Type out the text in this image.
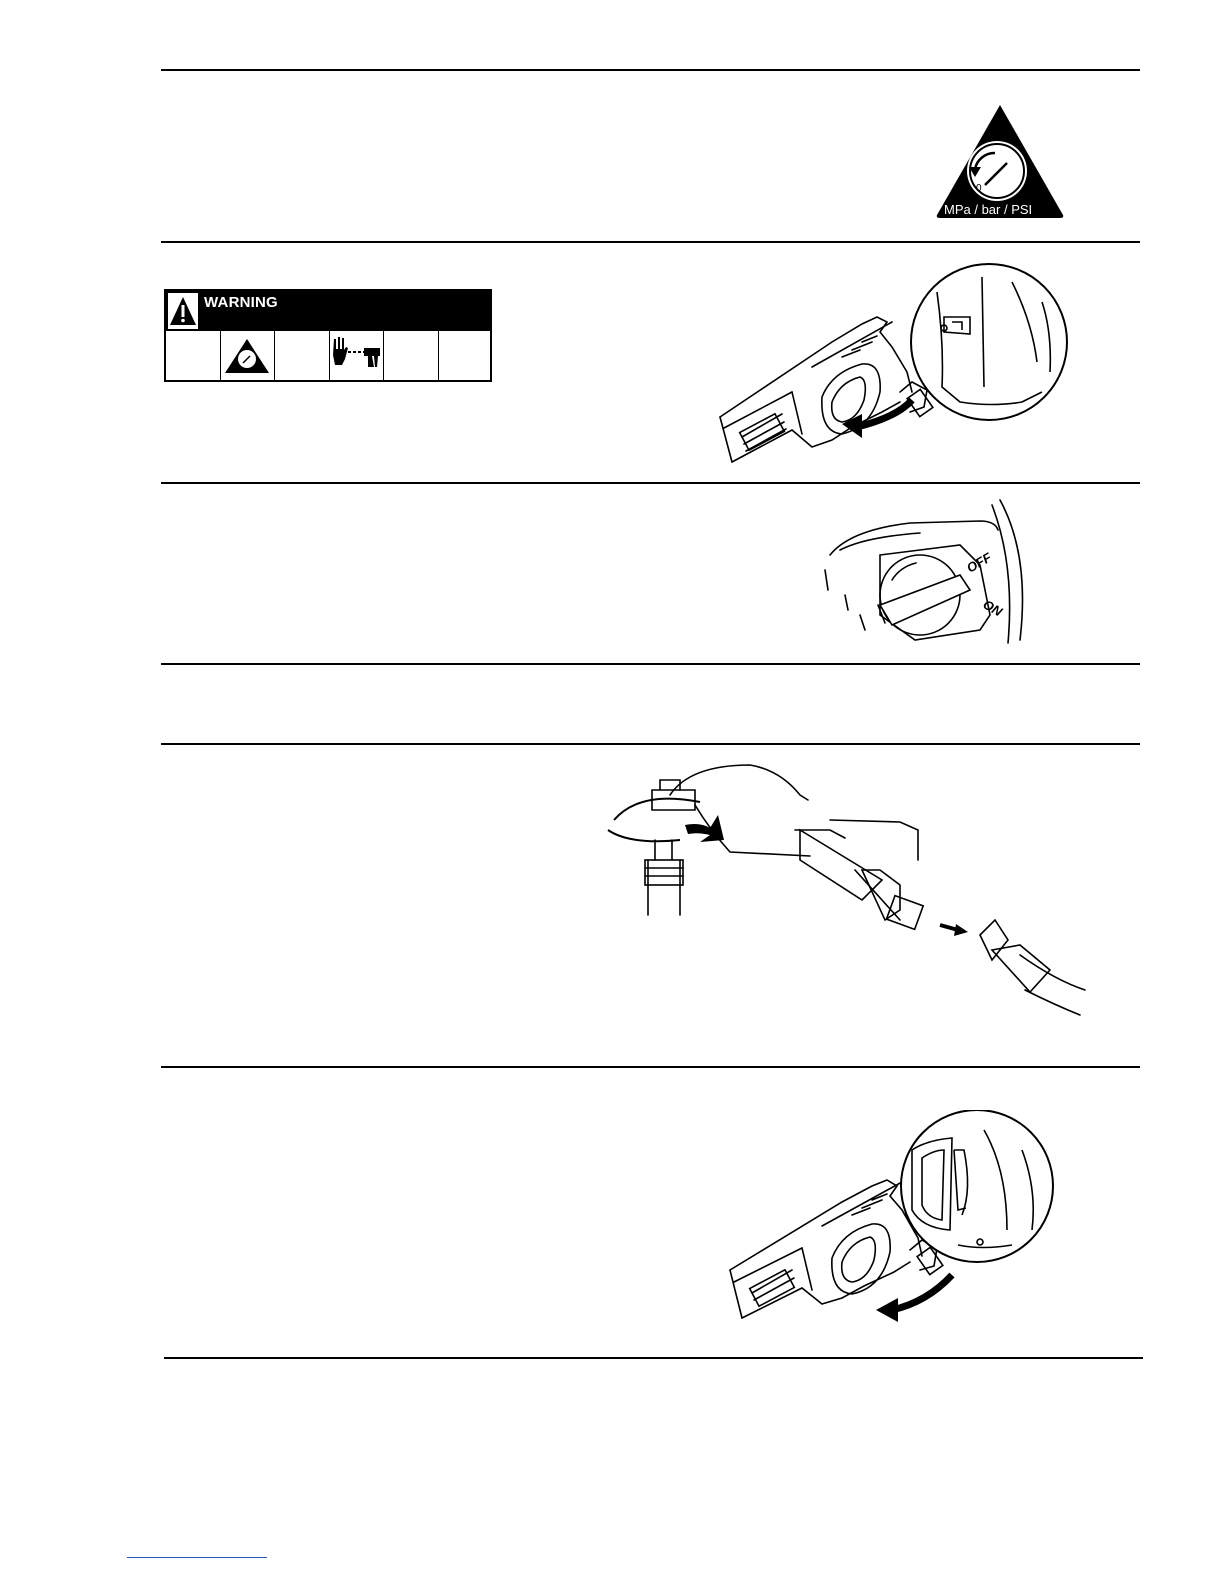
0
MPa / bar / PSI
WARNING
OFF
ON
